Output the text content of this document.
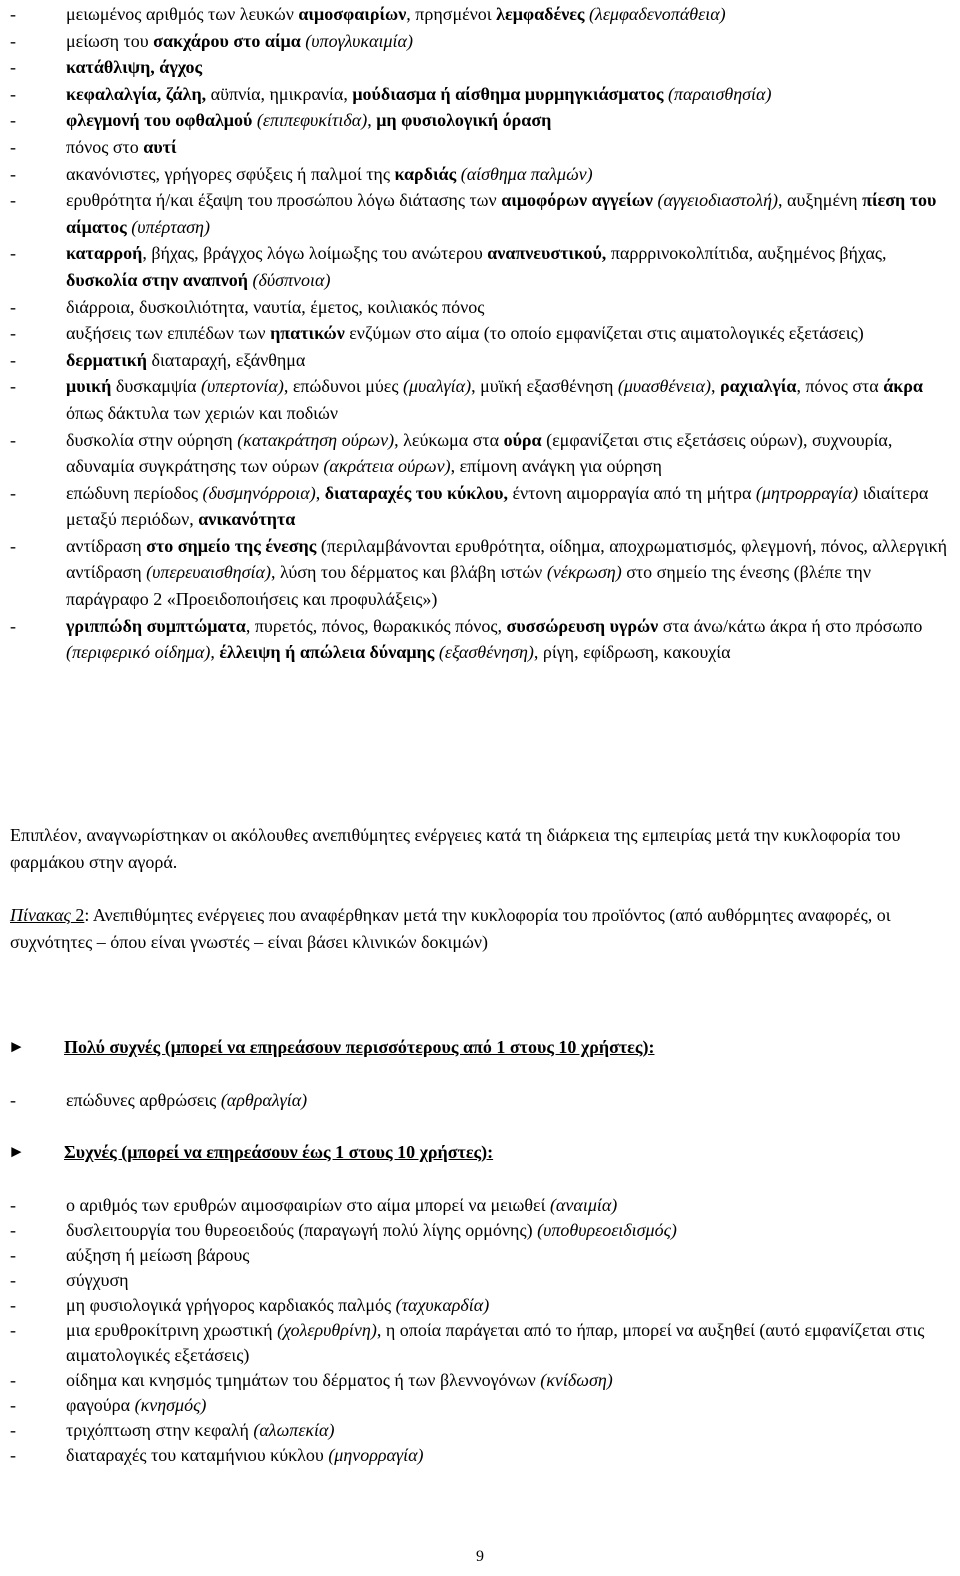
-	μειωμένος αριθμός των λευκών αιμοσφαιρίων, πρησμένοι λεμφαδένες (λεμφαδενοπάθεια)
-	μείωση του σακχάρου στο αίμα (υπογλυκαιμία)
-	κατάθλιψη, άγχος
-	κεφαλαλγία, ζάλη, αϋπνία, ημικρανία, μούδιασμα ή αίσθημα μυρμηγκιάσματος (παραισθησία)
-	φλεγμονή του οφθαλμού (επιπεφυκίτιδα), μη φυσιολογική όραση
-	πόνος στο αυτί
-	ακανόνιστες, γρήγορες σφύξεις ή παλμοί της καρδιάς (αίσθημα παλμών)
-	ερυθρότητα ή/και έξαψη του προσώπου λόγω διάτασης των αιμοφόρων αγγείων (αγγειοδιαστολή), αυξημένη πίεση του αίματος (υπέρταση)
-	καταρροή, βήχας, βράγχος λόγω λοίμωξης του ανώτερου αναπνευστικού, παρρρινοκολπίτιδα, αυξημένος βήχας, δυσκολία στην αναπνοή (δύσπνοια)
-	διάρροια, δυσκοιλιότητα, ναυτία, έμετος, κοιλιακός πόνος
-	αυξήσεις των επιπέδων των ηπατικών ενζύμων στο αίμα (το οποίο εμφανίζεται στις αιματολογικές εξετάσεις)
-	δερματική διαταραχή, εξάνθημα
-	μυική δυσκαμψία (υπερτονία), επώδυνοι μύες (μυαλγία), μυϊκή εξασθένηση (μυασθένεια), ραχιαλγία, πόνος στα άκρα όπως δάκτυλα των χεριών και ποδιών
-	δυσκολία στην ούρηση (κατακράτηση ούρων), λεύκωμα στα ούρα (εμφανίζεται στις εξετάσεις ούρων), συχνουρία, αδυναμία συγκράτησης των ούρων (ακράτεια ούρων), επίμονη ανάγκη για ούρηση
-	επώδυνη περίοδος (δυσμηνόρροια), διαταραχές του κύκλου, έντονη αιμορραγία από τη μήτρα (μητρορραγία) ιδιαίτερα μεταξύ περιόδων, ανικανότητα
-	αντίδραση στο σημείο της ένεσης (περιλαμβάνονται ερυθρότητα, οίδημα, αποχρωματισμός, φλεγμονή, πόνος, αλλεργική αντίδραση (υπερευαισθησία), λύση του δέρματος και βλάβη ιστών (νέκρωση) στο σημείο της ένεσης (βλέπε την παράγραφο 2 «Προειδοποιήσεις και προφυλάξεις»)
-	γριππώδη συμπτώματα, πυρετός, πόνος, θωρακικός πόνος, συσσώρευση υγρών στα άνω/κάτω άκρα ή στο πρόσωπο (περιφερικό οίδημα), έλλειψη ή απώλεια δύναμης (εξασθένηση), ρίγη, εφίδρωση, κακουχία
Επιπλέον, αναγνωρίστηκαν οι ακόλουθες ανεπιθύμητες ενέργειες κατά τη διάρκεια της εμπειρίας μετά την κυκλοφορία του φαρμάκου στην αγορά.
Πίνακας 2: Ανεπιθύμητες ενέργειες που αναφέρθηκαν μετά την κυκλοφορία του προϊόντος (από αυθόρμητες αναφορές, οι συχνότητες – όπου είναι γνωστές – είναι βάσει κλινικών δοκιμών)
►	Πολύ συχνές (μπορεί να επηρεάσουν περισσότερους από 1 στους 10 χρήστες):
-	επώδυνες αρθρώσεις (αρθραλγία)
►	Συχνές (μπορεί να επηρεάσουν έως 1 στους 10 χρήστες):
-	ο αριθμός των ερυθρών αιμοσφαιρίων στο αίμα μπορεί να μειωθεί (αναιμία)
-	δυσλειτουργία του θυρεοειδούς (παραγωγή πολύ λίγης ορμόνης) (υποθυρεοειδισμός)
-	αύξηση ή μείωση βάρους
-	σύγχυση
-	μη φυσιολογικά γρήγορος καρδιακός παλμός (ταχυκαρδία)
-	μια ερυθροκίτρινη χρωστική (χολερυθρίνη), η οποία παράγεται από το ήπαρ, μπορεί να αυξηθεί (αυτό εμφανίζεται στις αιματολογικές εξετάσεις)
-	οίδημα και κνησμός τμημάτων του δέρματος ή των βλεννογόνων (κνίδωση)
-	φαγούρα (κνησμός)
-	τριχόπτωση στην κεφαλή (αλωπεκία)
-	διαταραχές του καταμήνιου κύκλου (μηνορραγία)
9
